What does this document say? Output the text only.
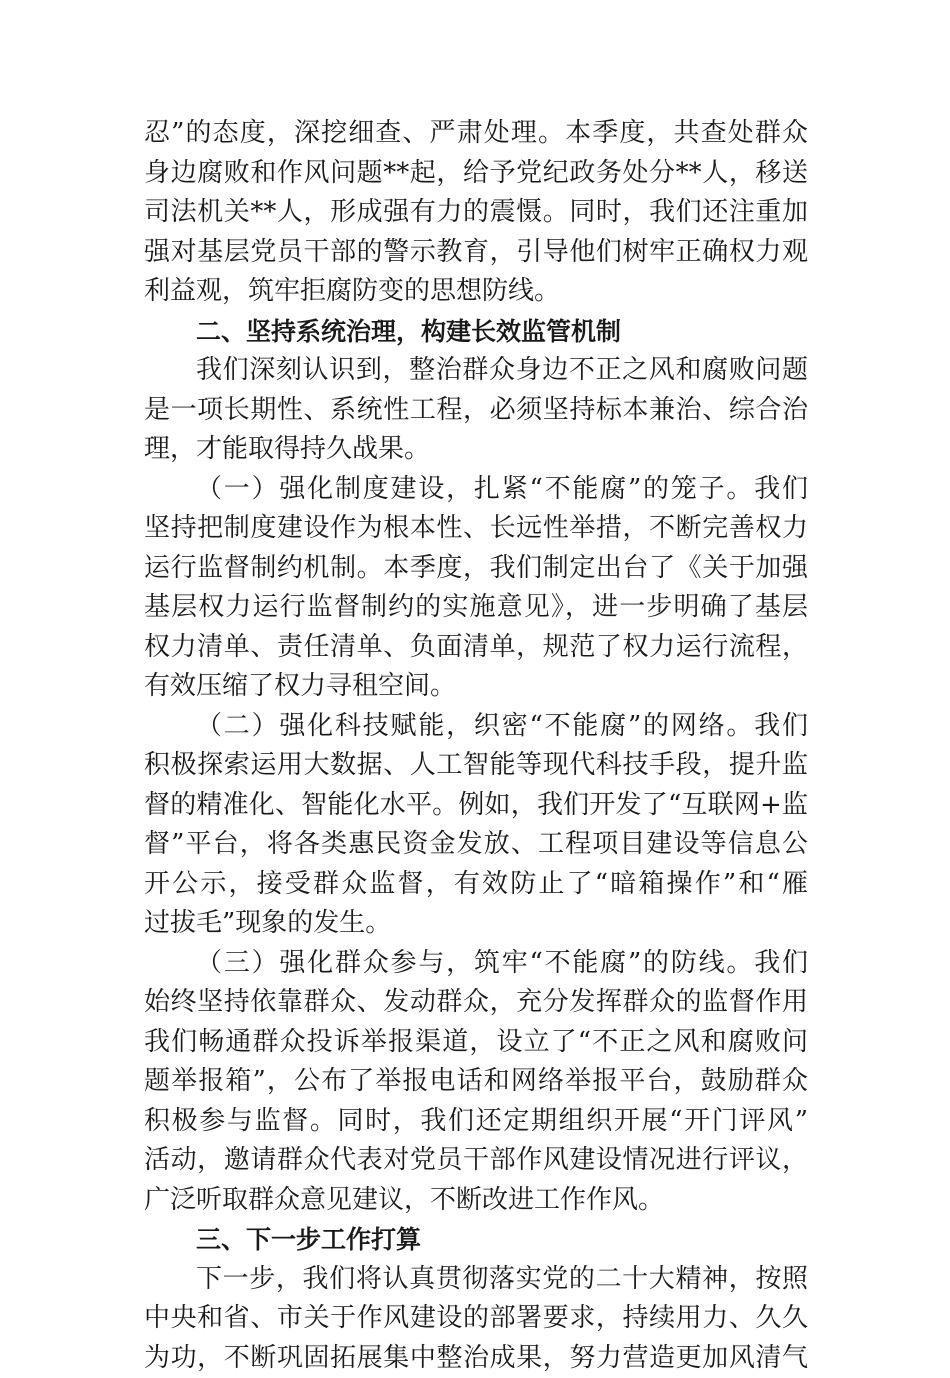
忍”的态度，深挖细查、严肃处理。本季度，共查处群众
身边腐败和作风问题**起，给予党纪政务处分**人，移送
司法机关**人，形成强有力的震慑。同时，我们还注重加
强对基层党员干部的警示教育，引导他们树牢正确权力观
利益观，筑牢拒腐防变的思想防线。
二、坚持系统治理，构建长效监管机制
我们深刻认识到，整治群众身边不正之风和腐败问题
是一项长期性、系统性工程，必须坚持标本兼治、综合治
理，才能取得持久战果。
（一）强化制度建设，扎紧“不能腐”的笼子。我们
坚持把制度建设作为根本性、长远性举措，不断完善权力
运行监督制约机制。本季度，我们制定出台了《关于加强
基层权力运行监督制约的实施意见》，进一步明确了基层
权力清单、责任清单、负面清单，规范了权力运行流程，
有效压缩了权力寻租空间。
（二）强化科技赋能，织密“不能腐”的网络。我们
积极探索运用大数据、人工智能等现代科技手段，提升监
督的精准化、智能化水平。例如，我们开发了“互联网+监
督”平台，将各类惠民资金发放、工程项目建设等信息公
开公示，接受群众监督，有效防止了“暗箱操作”和“雁
过拔毛”现象的发生。
（三）强化群众参与，筑牢“不能腐”的防线。我们
始终坚持依靠群众、发动群众，充分发挥群众的监督作用
我们畅通群众投诉举报渠道，设立了“不正之风和腐败问
题举报箱”，公布了举报电话和网络举报平台，鼓励群众
积极参与监督。同时，我们还定期组织开展“开门评风”
活动，邀请群众代表对党员干部作风建设情况进行评议，
广泛听取群众意见建议，不断改进工作作风。
三、下一步工作打算
下一步，我们将认真贯彻落实党的二十大精神，按照
中央和省、市关于作风建设的部署要求，持续用力、久久
为功，不断巩固拓展集中整治成果，努力营造更加风清气
